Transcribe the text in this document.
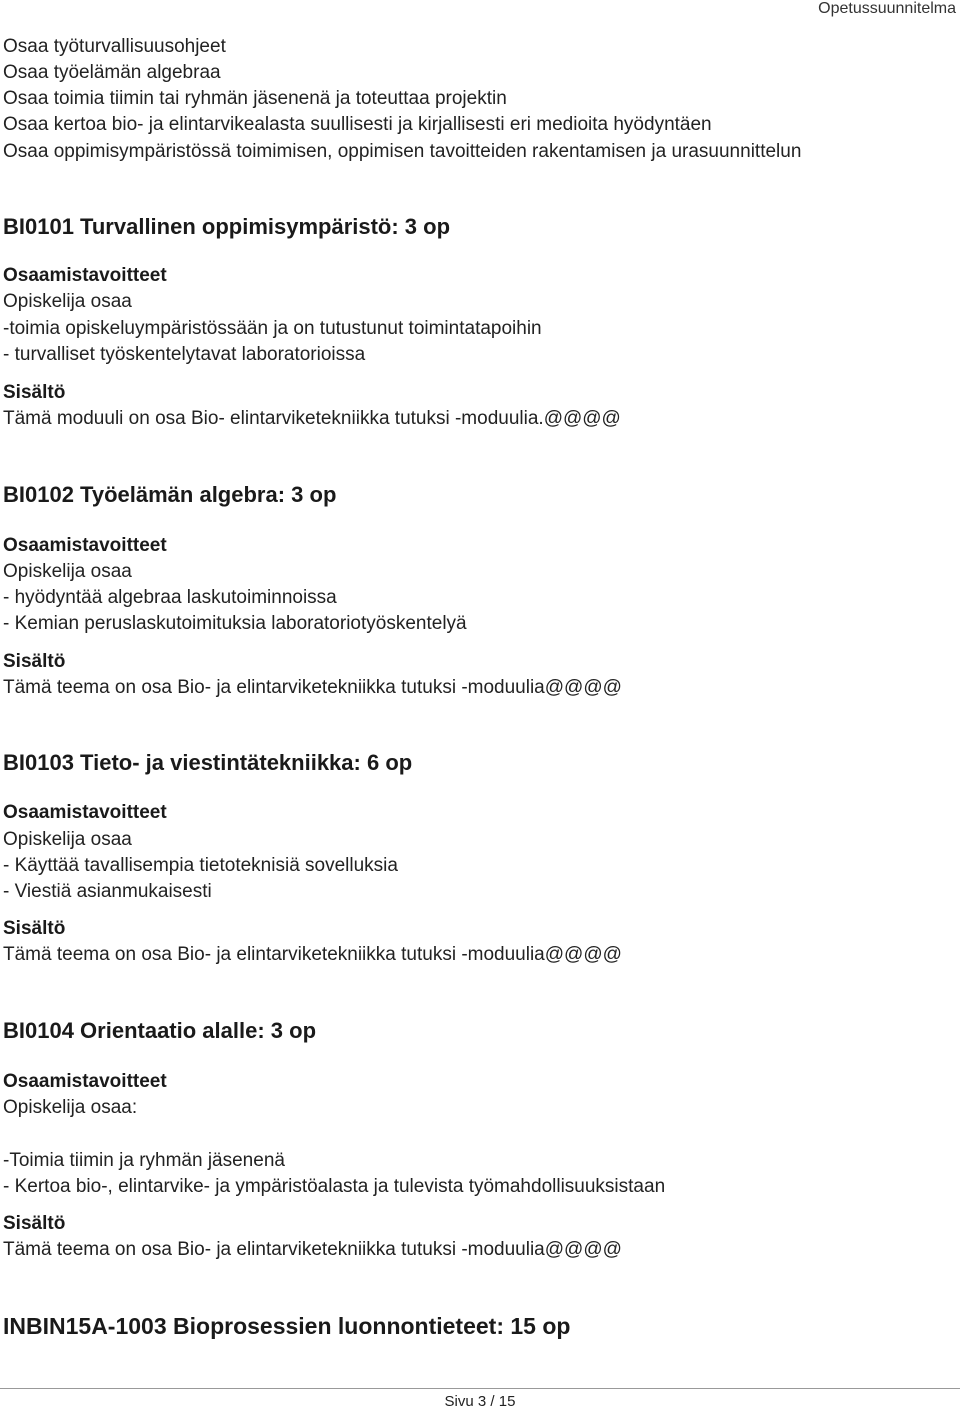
Opetussuunnitelma
Osaa työturvallisuusohjeet
Osaa työelämän algebraa
Osaa toimia tiimin tai ryhmän jäsenenä ja toteuttaa projektin
Osaa kertoa bio- ja elintarvikealasta suullisesti ja kirjallisesti eri medioita hyödyntäen
Osaa oppimisympäristössä toimimisen, oppimisen tavoitteiden rakentamisen ja urasuunnittelun
BI0101 Turvallinen oppimisympäristö: 3 op
Osaamistavoitteet
Opiskelija osaa
-toimia opiskeluympäristössään ja on tutustunut toimintatapoihin
- turvalliset työskentelytavat laboratorioissa
Sisältö
Tämä moduuli on osa Bio- elintarviketekniikka tutuksi -moduulia.@@@@
BI0102 Työelämän algebra: 3 op
Osaamistavoitteet
Opiskelija osaa
- hyödyntää algebraa laskutoiminnoissa
- Kemian peruslaskutoimituksia laboratoriotyöskentelyä
Sisältö
Tämä teema on osa Bio- ja elintarviketekniikka tutuksi -moduulia@@@@
BI0103 Tieto- ja viestintätekniikka: 6 op
Osaamistavoitteet
Opiskelija osaa
- Käyttää tavallisempia tietoteknisiä sovelluksia
- Viestiä asianmukaisesti
Sisältö
Tämä teema on osa Bio- ja elintarviketekniikka tutuksi -moduulia@@@@
BI0104 Orientaatio alalle: 3 op
Osaamistavoitteet
Opiskelija osaa:
-Toimia tiimin ja ryhmän jäsenenä
- Kertoa bio-, elintarvike- ja ympäristöalasta ja tulevista työmahdollisuuksistaan
Sisältö
Tämä teema on osa Bio- ja elintarviketekniikka tutuksi -moduulia@@@@
INBIN15A-1003 Bioprosessien luonnontieteet: 15 op
Sivu 3 / 15
